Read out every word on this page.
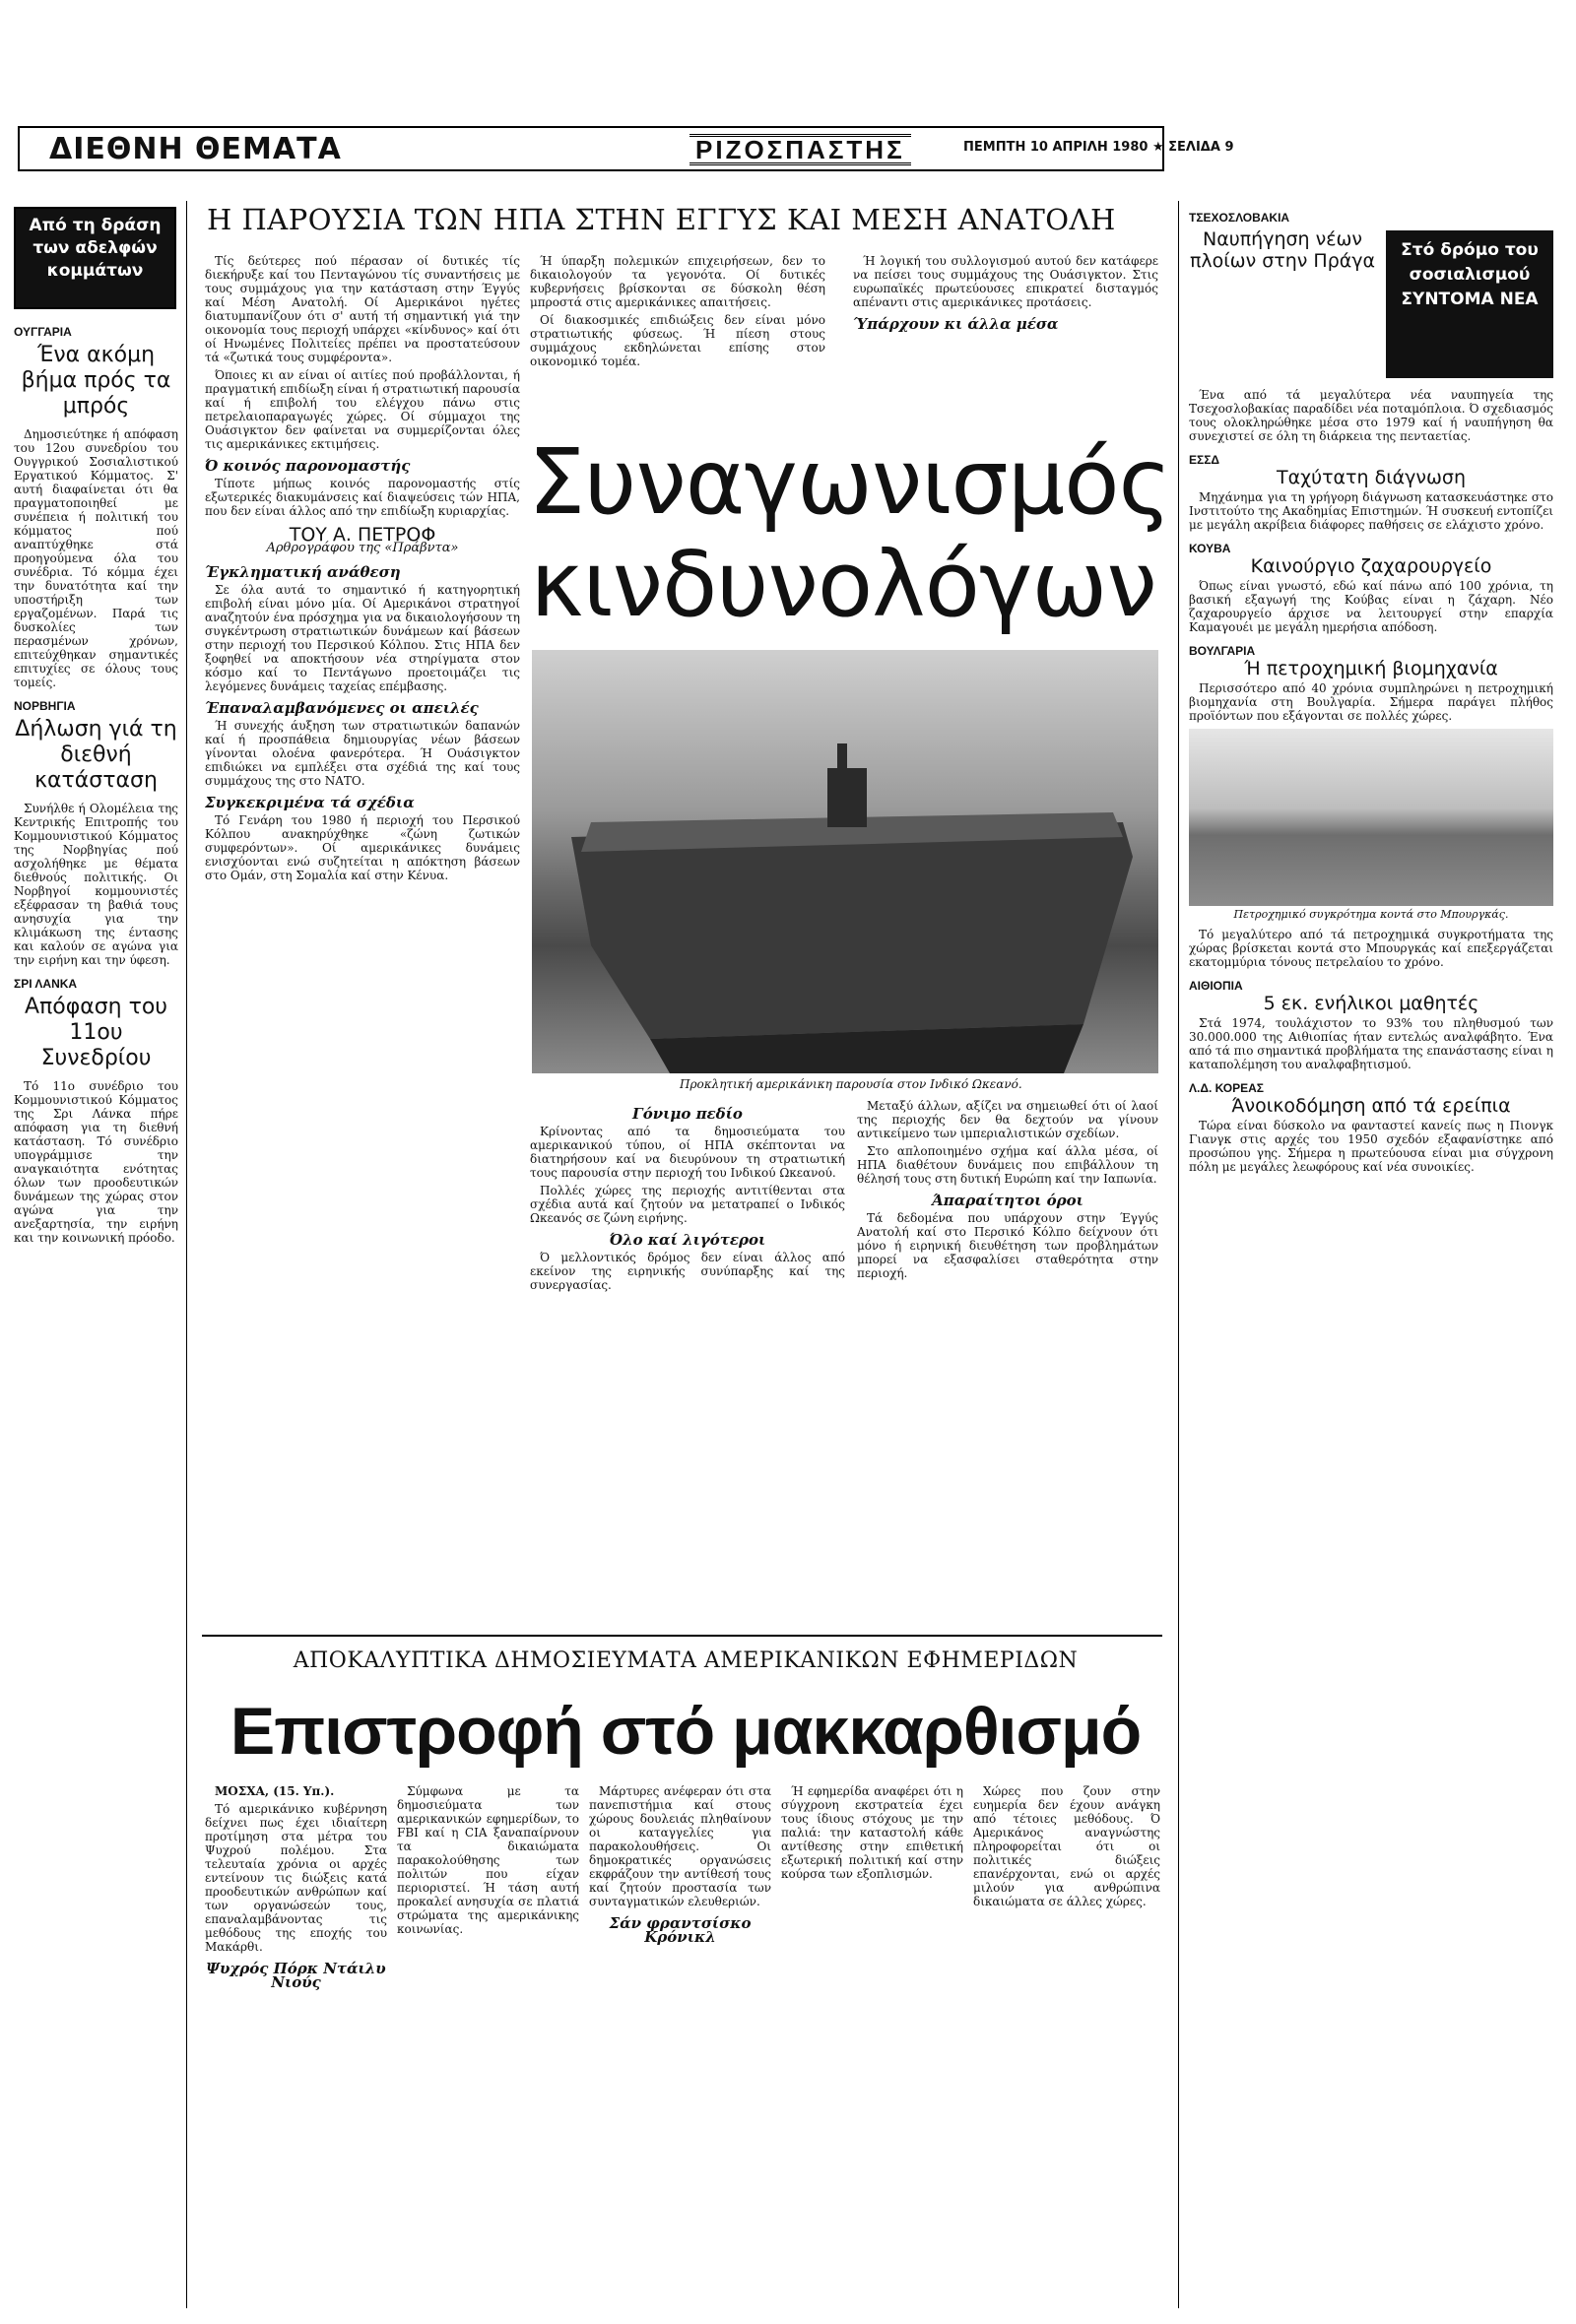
ΔΙΕΘΝΗ ΘΕΜΑΤΑ	ΡΙΖΟΣΠΑΣΤΗΣ	ΠΕΜΠΤΗ 10 ΑΠΡΙΛΗ 1980 ★ ΣΕΛΙΔΑ 9
Από τη δράση των αδελφών κομμάτων
ΟΥΓΓΑΡΙΑ
Ένα ακόμη βήμα πρός τα μπρός

Δημοσιεύτηκε ή απόφαση του 12ου συνεδρίου του Ουγγρικού Σοσιαλιστικού Εργατικού Κόμματος. Σ' αυτή διαφαίνεται ότι θα πραγματοποιηθεί με συνέπεια ή πολιτική του κόμματος πού αναπτύχθηκε στά προηγούμενα όλα του συνέδρια. Τό κόμμα έχει την δυνατότητα καί την υποστήριξη των εργαζομένων. Παρά τις δυσκολίες των περασμένων χρόνων, επιτεύχθηκαν σημαντικές επιτυχίες σε όλους τους τομείς.

ΝΟΡΒΗΓΙΑ
Δήλωση γιά τη διεθνή κατάσταση

Συνήλθε ή Ολομέλεια της Κεντρικής Επιτροπής του Κομμουνιστικού Κόμματος της Νορβηγίας πού ασχολήθηκε με θέματα διεθνούς πολιτικής. Οι Νορβηγοί κομμουνιστές εξέφρασαν τη βαθιά τους ανησυχία για την κλιμάκωση της έντασης και καλούν σε αγώνα για την ειρήνη και την ύφεση.

ΣΡΙ ΛΑΝΚΑ
Απόφαση του 11ου Συνεδρίου

Τό 11ο συνέδριο του Κομμουνιστικού Κόμματος της Σρι Λάνκα πήρε απόφαση για τη διεθνή κατάσταση. Τό συνέδριο υπογράμμισε την αναγκαιότητα ενότητας όλων των προοδευτικών δυνάμεων της χώρας στον αγώνα για την ανεξαρτησία, την ειρήνη και την κοινωνική πρόοδο.

Η ΠΑΡΟΥΣΙΑ ΤΩΝ ΗΠΑ ΣΤΗΝ ΕΓΓΥΣ ΚΑΙ ΜΕΣΗ ΑΝΑΤΟΛΗ
Συναγωνισμός
κινδυνολόγων
Προκλητική αμερικάνικη παρουσία στον Ινδικό Ωκεανό.

Τίς δεύτερες πού πέρασαν οί δυτικές τίς διεκήρυξε καί του Πενταγώνου τίς συναντήσεις με τους συμμάχους για την κατάσταση στην Έγγύς καί Μέση Ανατολή. Οί Αμερικάνοι ηγέτες διατυμπανίζουν ότι σ' αυτή τή σημαντική γιά την οικονομία τους περιοχή υπάρχει «κίνδυνος» καί ότι οί Ηνωμένες Πολιτείες πρέπει να προστατεύσουν τά «ζωτικά τους συμφέροντα».

Όποιες κι αν είναι οί αιτίες πού προβάλλονται, ή πραγματική επιδίωξη είναι ή στρατιωτική παρουσία καί ή επιβολή του ελέγχου πάνω στις πετρελαιοπαραγωγές χώρες. Οί σύμμαχοι της Ουάσιγκτον δεν φαίνεται να συμμερίζονται όλες τις αμερικάνικες εκτιμήσεις.

Ό κοινός παρονομαστής

Τίποτε μήπως κοινός παρονομαστής στίς εξωτερικές διακυμάνσεις καί διαψεύσεις τών ΗΠΑ, που δεν είναι άλλος από την επιδίωξη κυριαρχίας.

ΤΟΥ Α. ΠΕΤΡΟΦ
Αρθρογράφου της «Πράβντα»
Έγκληματική ανάθεση

Σε όλα αυτά το σημαντικό ή κατηγορητική επιβολή είναι μόνο μία. Οί Αμερικάνοι στρατηγοί αναζητούν ένα πρόσχημα για να δικαιολογήσουν τη συγκέντρωση στρατιωτικών δυνάμεων καί βάσεων στην περιοχή του Περσικού Κόλπου. Στις ΗΠΑ δεν ξοφηθεί να αποκτήσουν νέα στηρίγματα στον κόσμο καί το Πεντάγωνο προετοιμάζει τις λεγόμενες δυνάμεις ταχείας επέμβασης.

Έπαναλαμβανόμενες οι απειλές

Ή συνεχής άυξηση των στρατιωτικών δαπανών καί ή προσπάθεια δημιουργίας νέων βάσεων γίνονται ολοένα φανερότερα. Ή Ουάσιγκτον επιδιώκει να εμπλέξει στα σχέδιά της καί τους συμμάχους της στο ΝΑΤΟ.

Συγκεκριμένα τά σχέδια

Τό Γενάρη του 1980 ή περιοχή του Περσικού Κόλπου ανακηρύχθηκε «ζώνη ζωτικών συμφερόντων». Οί αμερικάνικες δυνάμεις ενισχύονται ενώ συζητείται η απόκτηση βάσεων στο Ομάν, στη Σομαλία καί στην Κένυα.

Ή ύπαρξη πολεμικών επιχειρήσεων, δεν το δικαιολογούν τα γεγονότα. Οί δυτικές κυβερνήσεις βρίσκονται σε δύσκολη θέση μπροστά στις αμερικάνικες απαιτήσεις.

Οί διακοσμικές επιδιώξεις δεν είναι μόνο στρατιωτικής φύσεως. Ή πίεση στους συμμάχους εκδηλώνεται επίσης στον οικονομικό τομέα.

Ή λογική του συλλογισμού αυτού δεν κατάφερε να πείσει τους συμμάχους της Ουάσιγκτον. Στις ευρωπαϊκές πρωτεύουσες επικρατεί δισταγμός απέναντι στις αμερικάνικες προτάσεις.

Ύπάρχουν κι άλλα μέσα
Γόνιμο πεδίο

Κρίνοντας από τα δημοσιεύματα του αμερικανικού τύπου, οί ΗΠΑ σκέπτονται να διατηρήσουν καί να διευρύνουν τη στρατιωτική τους παρουσία στην περιοχή του Ινδικού Ωκεανού.

Πολλές χώρες της περιοχής αντιτίθενται στα σχέδια αυτά καί ζητούν να μετατραπεί ο Ινδικός Ωκεανός σε ζώνη ειρήνης.

Όλο καί λιγότεροι

Ό μελλοντικός δρόμος δεν είναι άλλος από εκείνον της ειρηνικής συνύπαρξης καί της συνεργασίας.

Μεταξύ άλλων, αξίζει να σημειωθεί ότι οί λαοί της περιοχής δεν θα δεχτούν να γίνουν αντικείμενο των ιμπεριαλιστικών σχεδίων.

Στο απλοποιημένο σχήμα καί άλλα μέσα, οί ΗΠΑ διαθέτουν δυνάμεις που επιβάλλουν τη θέλησή τους στη δυτική Ευρώπη καί την Ιαπωνία.

Άπαραίτητοι όροι

Τά δεδομένα που υπάρχουν στην Έγγύς Ανατολή καί στο Περσικό Κόλπο δείχνουν ότι μόνο ή ειρηνική διευθέτηση των προβλημάτων μπορεί να εξασφαλίσει σταθερότητα στην περιοχή.

ΤΣΕΧΟΣΛΟΒΑΚΙΑ
Ναυπήγηση νέων πλοίων στην Πράγα	Στό δρόμο του σοσιαλισμού ΣΥΝΤΟΜΑ ΝΕΑ

Ένα από τά μεγαλύτερα νέα ναυπηγεία της Τσεχοσλοβακίας παραδίδει νέα ποταμόπλοια. Ό σχεδιασμός τους ολοκληρώθηκε μέσα στο 1979 καί ή ναυπήγηση θα συνεχιστεί σε όλη τη διάρκεια της πενταετίας.

ΕΣΣΔ
Ταχύτατη διάγνωση

Μηχάνημα για τη γρήγορη διάγνωση κατασκευάστηκε στο Ινστιτούτο της Ακαδημίας Επιστημών. Ή συσκευή εντοπίζει με μεγάλη ακρίβεια διάφορες παθήσεις σε ελάχιστο χρόνο.

ΚΟΥΒΑ
Καινούργιο ζαχαρουργείο

Όπως είναι γνωστό, εδώ καί πάνω από 100 χρόνια, τη βασική εξαγωγή της Κούβας είναι η ζάχαρη. Νέο ζαχαρουργείο άρχισε να λειτουργεί στην επαρχία Καμαγουέι με μεγάλη ημερήσια απόδοση.

ΒΟΥΛΓΑΡΙΑ
Ή πετροχημική βιομηχανία

Περισσότερο από 40 χρόνια συμπληρώνει η πετροχημική βιομηχανία στη Βουλγαρία. Σήμερα παράγει πλήθος προϊόντων που εξάγονται σε πολλές χώρες.

Πετροχημικό συγκρότημα κοντά στο Μπουργκάς.

Τό μεγαλύτερο από τά πετροχημικά συγκροτήματα της χώρας βρίσκεται κοντά στο Μπουργκάς καί επεξεργάζεται εκατομμύρια τόνους πετρελαίου το χρόνο.

ΑΙΘΙΟΠΙΑ
5 εκ. ενήλικοι μαθητές

Στά 1974, τουλάχιστον το 93% του πληθυσμού των 30.000.000 της Αιθιοπίας ήταν εντελώς αναλφάβητο. Ένα από τά πιο σημαντικά προβλήματα της επανάστασης είναι η καταπολέμηση του αναλφαβητισμού.

Λ.Δ. ΚΟΡΕΑΣ
Άνοικοδόμηση από τά ερείπια

Τώρα είναι δύσκολο να φανταστεί κανείς πως η Πιονγκ Γιανγκ στις αρχές του 1950 σχεδόν εξαφανίστηκε από προσώπου γης. Σήμερα η πρωτεύουσα είναι μια σύγχρονη πόλη με μεγάλες λεωφόρους καί νέα συνοικίες.

ΑΠΟΚΑΛΥΠΤΙΚΑ ΔΗΜΟΣΙΕΥΜΑΤΑ ΑΜΕΡΙΚΑΝΙΚΩΝ ΕΦΗΜΕΡΙΔΩΝ
Επιστροφή στό μακκαρθισμό

ΜΟΣΧΑ, (15. Υπ.).

Τό αμερικάνικο κυβέρνηση δείχνει πως έχει ιδιαίτερη προτίμηση στα μέτρα του Ψυχρού πολέμου. Στα τελευταία χρόνια οι αρχές εντείνουν τις διώξεις κατά προοδευτικών ανθρώπων καί των οργανώσεών τους, επαναλαμβάνοντας τις μεθόδους της εποχής του Μακάρθι.

Ψυχρός Πόρκ Ντάιλυ Νιούς

Σύμφωνα με τα δημοσιεύματα των αμερικανικών εφημερίδων, το FBI καί η CIA ξαναπαίρνουν τα δικαιώματα παρακολούθησης των πολιτών που είχαν περιοριστεί. Ή τάση αυτή προκαλεί ανησυχία σε πλατιά στρώματα της αμερικάνικης κοινωνίας.

Μάρτυρες ανέφεραν ότι στα πανεπιστήμια καί στους χώρους δουλειάς πληθαίνουν οι καταγγελίες για παρακολουθήσεις. Οι δημοκρατικές οργανώσεις εκφράζουν την αντίθεσή τους καί ζητούν προστασία των συνταγματικών ελευθεριών.

Σάν φραντσίσκο Κρόνικλ

Ή εφημερίδα αναφέρει ότι η σύγχρονη εκστρατεία έχει τους ίδιους στόχους με την παλιά: την καταστολή κάθε αντίθεσης στην επιθετική εξωτερική πολιτική καί στην κούρσα των εξοπλισμών.

Χώρες που ζουν στην ευημερία δεν έχουν ανάγκη από τέτοιες μεθόδους. Ό Αμερικάνος αναγνώστης πληροφορείται ότι οι πολιτικές διώξεις επανέρχονται, ενώ οι αρχές μιλούν για ανθρώπινα δικαιώματα σε άλλες χώρες.
